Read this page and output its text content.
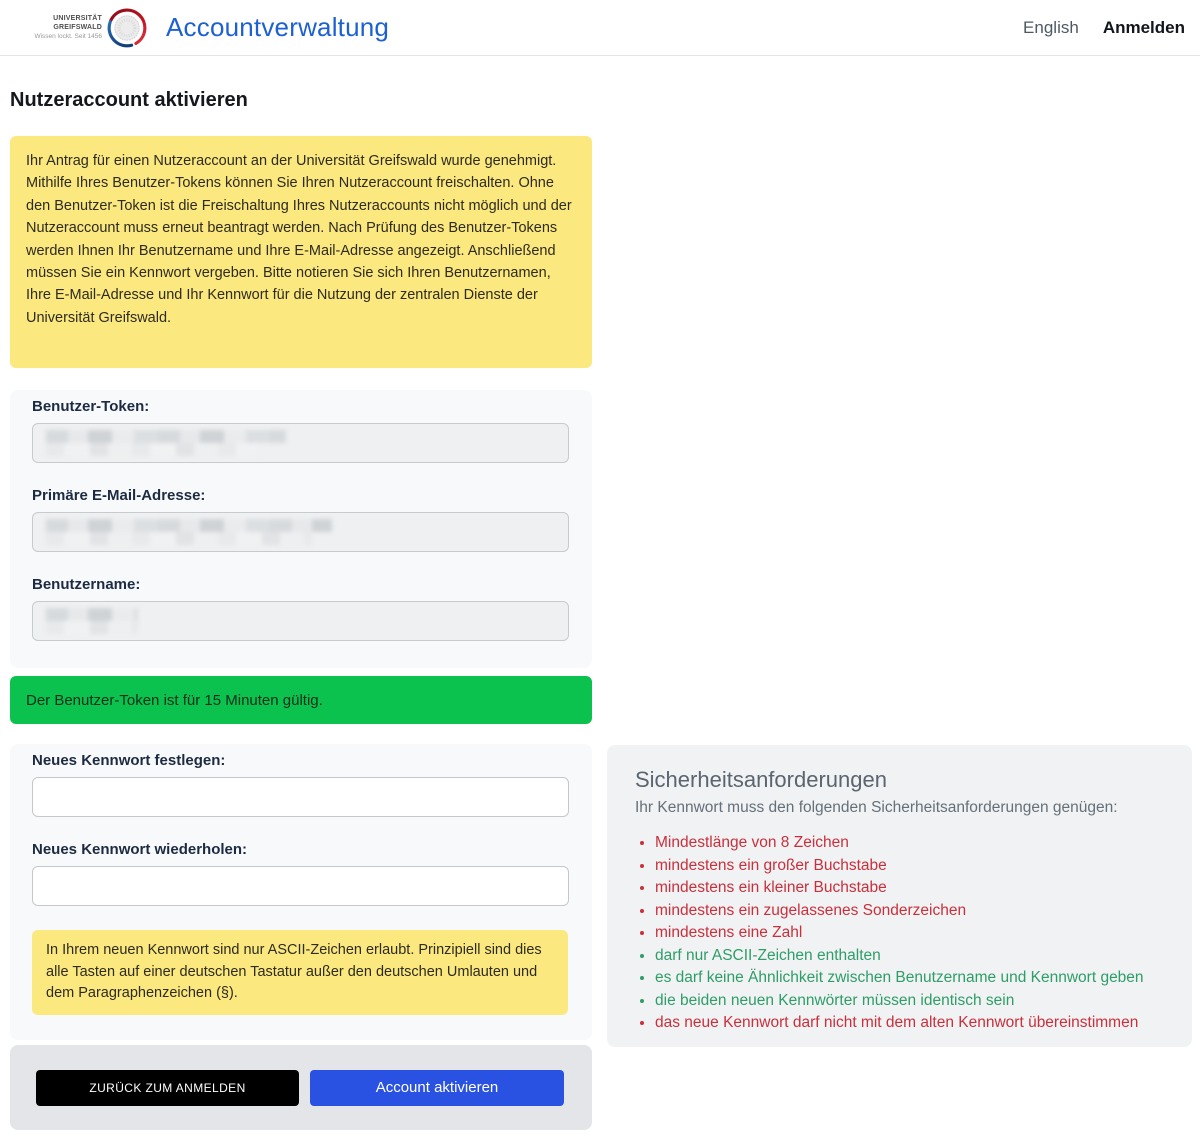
UNIVERSITÄT GREIFSWALD
Wissen lockt. Seit 1456 Accountverwaltung	English Anmelden
Nutzeraccount aktivieren
Ihr Antrag für einen Nutzeraccount an der Universität Greifswald wurde genehmigt. Mithilfe Ihres Benutzer-Tokens können Sie Ihren Nutzeraccount freischalten. Ohne den Benutzer-Token ist die Freischaltung Ihres Nutzeraccounts nicht möglich und der Nutzeraccount muss erneut beantragt werden. Nach Prüfung des Benutzer-Tokens werden Ihnen Ihr Benutzername und Ihre E-Mail-Adresse angezeigt. Anschließend müssen Sie ein Kennwort vergeben. Bitte notieren Sie sich Ihren Benutzernamen, Ihre E-Mail-Adresse und Ihr Kennwort für die Nutzung der zentralen Dienste der Universität Greifswald.
Benutzer-Token:
Primäre E-Mail-Adresse:
Benutzername:
Der Benutzer-Token ist für 15 Minuten gültig.
Neues Kennwort festlegen:
Neues Kennwort wiederholen:
In Ihrem neuen Kennwort sind nur ASCII-Zeichen erlaubt. Prinzipiell sind dies alle Tasten auf einer deutschen Tastatur außer den deutschen Umlauten und dem Paragraphenzeichen (§).
ZURÜCK ZUM ANMELDEN	Account aktivieren
Sicherheitsanforderungen
Ihr Kennwort muss den folgenden Sicherheitsanforderungen genügen:
• Mindestlänge von 8 Zeichen
• mindestens ein großer Buchstabe
• mindestens ein kleiner Buchstabe
• mindestens ein zugelassenes Sonderzeichen
• mindestens eine Zahl
• darf nur ASCII-Zeichen enthalten
• es darf keine Ähnlichkeit zwischen Benutzername und Kennwort geben
• die beiden neuen Kennwörter müssen identisch sein
• das neue Kennwort darf nicht mit dem alten Kennwort übereinstimmen
